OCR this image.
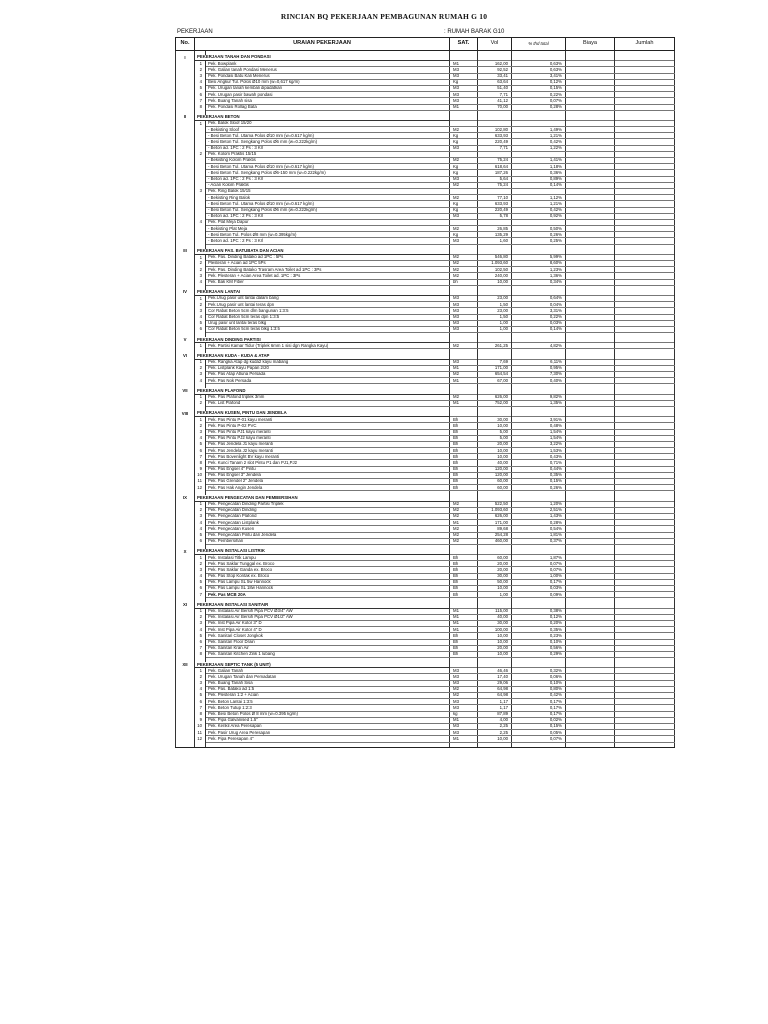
RINCIAN BQ PEKERJAAN PEMBAGUNAN RUMAH G 10
PEKERJAAN	: RUMAH BARAK G10
No.	URAIAN PEKERJAAN		SAT.	Vol	% thd total	Biaya	Jumlah

I	PEKERJAAN TANAH DAN PONDASI						
	1	Pek. Bowplank	M1	162,00	0,63%		
	2	Pek. Galian tanah Pondasi Menerus	M3	92,52	0,63%		
	3	Pek. Pondasi Batu Kali Menerus	M3	33,41	3,41%		
	4	Besi Angkur Tul. Polos Ø10 mm (w=0,617 kg/m)	Kg	63,64	0,12%		
	5	Pek. Urugan tanah kembali dipadatkan	M3	51,40	0,15%		
	6	Pek. Urugan pasir bawah pondasi	M3	7,71	0,22%		
	7	Pek. Buang Tanah sisa	M3	41,12	0,07%		
	8	Pek. Pondasi Rollag Bata	M1	70,00	0,28%		

II	PEKERJAAN BETON						
	1	Pek. Balok Sloof 15/20					
		- Bekisting Sloof	M2	102,80	1,49%		
		- Besi Beton Tul. Utama Polos Ø10 mm (w=0.617 kg/m)	Kg	633,93	1,21%		
		- Besi Beton Tul. Sengkang Polos Ø6 mm (w=0.222kg/m)	Kg	220,49	0,42%		
		- Beton ad. 1PC : 2 Ps : 3 Krl	M3	7,71	1,22%		
	2	Pek. Kolom Praktis 15/15					
		- Bekisting Kolom Praktis	M2	75,24	1,41%		
		- Besi Beton Tul. Utama Polos Ø10 mm (w=0.617 kg/m)	Kg	618,64	1,18%		
		- Besi Beton Tul. Sengkang Polos Ø6-150 mm (w=0.222kg/m)	Kg	187,26	0,36%		
		- Beton ad. 1PC : 2 Ps : 3 Krl	M3	5,64	0,89%		
		- Acian Kolom Praktis	M2	75,24	0,14%		
	3	Pek. Ring Balok 15/15					
		- Bekisting Ring Balok	M2	77,10	1,12%		
		- Besi Beton Tul. Utama Polos Ø10 mm (w=0.617 kg/m)	Kg	633,93	1,21%		
		- Besi Beton Tul. Sengkang Polos Ø6 mm (w=0.222kg/m)	Kg	220,49	0,42%		
		- Beton ad. 1PC : 2 Ps : 3 Krl	M3	5,78	0,92%		
	4	Pek. Plat Meja Dapur					
		- Bekisting Plat Meja	M2	26,85	0,50%		
		- Besi Beton Tul. Polos Ø8 mm (w=0.395kg/m)	Kg	135,29	0,26%		
		- Beton ad. 1PC : 2 Ps : 3 Krl	M3	1,60	0,25%		

III	PEKERJAAN PAS. BATUBATA DAN ACIAN						
	1	Pek. Pas. Dinding Batako ad 1PC : 5Ps	M2	546,80	5,99%		
	2	Plesteran + Acian ad 1PC 5Ps	M2	1.093,60	8,60%		
	2	Pek. Pas. Dinding Batako Trasram Area Toilet ad 1PC : 3Ps	M2	102,50	1,23%		
	3	Pek. Plesteran + Acian Area Toilet ad. 1PC : 3Ps	M2	240,00	1,36%		
	4	Pek. Bak KM Fiber	bh	10,00	0,34%		

IV	PEKERJAAN LANTAI						
	1	Pek.Urug pasir unt lantai dalam bang	M3	23,00	0,64%		
	2	Pek.Urug pasir unt lantai teras dpn	M3	1,50	0,04%		
	3	Cor Rabat Beton 5cm dlm bangunan 1:3:5	M3	23,00	3,31%		
	4	Cor Rabat Beton 5cm teras dpn 1:3:5	M3	1,50	0,22%		
	5	Urug pasir unt lantai teras blkg	M3	1,00	0,03%		
	6	Cor Rabat Beton 5cm teras blkg 1:3:5	M3	1,00	0,14%		

V	PEKERJAAN DINDING PARTISI						
	1	Pek. Partisi Kamar Tidur (Triplek 6mm 1 sisi dgn Rangka Kayu)	M2	261,25	4,82%		

VI	PEKERJAAN KUDA - KUDA & ATAP						
	1	Pek. Rangka Atap dg kuda2 kayu mabang	M3	7,69	6,11%		
	2	Pek. Listplank Kayu Papan 2/20	M1	171,00	0,95%		
	3	Pek. Pas Atap Atluna Persada	M2	654,54	7,30%		
	4	Pek. Pas Nok Persada	M1	67,00	0,40%		

VII	PEKERJAAN PLAFOND						
	1	Pek. Pas Plafond triplek 3mm	M2	626,00	9,82%		
	2	Pek. List Plafond	M1	752,00	1,35%		

VIII	PEKERJAAN KUSEN, PINTU DAN JENDELA						
	1	Pek. Pas Pintu P-01 kayu meranti	Bh	30,00	3,91%		
	2	Pek. Pas Pintu P-02 PVC	Bh	10,00	0,48%		
	3	Pek. Pas Pintu PJ1 kayu meranti	Bh	5,00	1,54%		
	4	Pek. Pas Pintu PJ2 kayu meranti	Bh	5,00	1,54%		
	5	Pek. Pas Jendela J1 kayu meranti	Bh	20,00	3,22%		
	6	Pek. Pas Jendela J2 kayu meranti	Bh	10,00	1,53%		
	7	Pek. Pas Bovenlight BV kayu meranti	Bh	10,00	0,43%		
	8	Pek. Kunci Tanam 2 slot Pintu P1 dan PJ1,PJ2	Bh	40,00	0,71%		
	9	Pek. Pas Engsel 4" Pintu	Bh	120,00	0,44%		
	10	Pek. Pas Engsel 3" Jendela	Bh	120,00	0,35%		
	11	Pek. Pas Grendel 2" Jendela	Bh	60,00	0,15%		
	12	Pek. Pas Hak Angin Jendela	Bh	60,00	0,26%		

IX	PEKERJAAN PENGECATAN DAN PEMBERSIHAN						
	1	Pek. Pengecatan Dinding Partisi Triplek	M2	522,50	1,20%		
	2	Pek. Pengecatan Dinding	M2	1.093,60	2,51%		
	3	Pek. Pengecatan Plafond	M2	626,00	1,43%		
	4	Pek. Pengecatan Listplank	M1	171,00	0,28%		
	4	Pek. Pengecatan Kusen	M2	89,68	0,54%		
	5	Pek. Pengecatan Pintu dan Jendela	M2	254,28	1,81%		
	6	Pek. Pembersihan	M2	460,00	0,37%		

X	PEKERJAAN INSTALASI LISTRIK						
	1	Pek. Instalasi Titk Lampu	Bh	60,00	1,87%		
	2	Pek. Pas Saklar Tunggal ex. Broco	Bh	20,00	0,07%		
	3	Pek. Pas Saklar Ganda ex. Broco	Bh	20,00	0,07%		
	4	Pek. Pas Stop Kontak ex. Broco	Bh	30,00	1,00%		
	5	Pek. Pas Lampu SL 5w Hannock	Bh	50,00	0,17%		
	6	Pek. Pas Lampu SL 18w Hannock	Bh	10,00	0,03%		
	7	Pek. Pas MCB 20A	Bh	1,00	0,09%		

XI	PEKERJAAN INSTALASI SANITAIR						
	1	Pek. Instalasi Air Bersih Pipa PCV Ø3/4" AW	M1	115,00	0,38%		
	2	Pek. Instalasi Air Bersih Pipa PCV Ø1/2" AW	M1	40,00	0,12%		
	3	Pek. Inst Pipa Air Kotor 3" D	M1	30,00	0,20%		
	4	Pek. Inst Pipa Air Kotor 4" D	M1	100,00	0,35%		
	5	Pek. Sanitari Closet Jongkok	Bh	10,00	0,23%		
	6	Pek. Sanitari Floor Drain	Bh	10,00	0,10%		
	7	Pek. Sanitari Kran Air	Bh	20,00	0,56%		
	8	Pek. Sanitari Kitchen Zink 1 lubang	Bh	10,00	0,29%		

XII	PEKERJAAN SEPTIC TANK (5 UNIT)						
	1	Pek. Galian Tanah	M3	46,46	0,32%		
	2	Pek. Urugan Tanah dan Pemadatan	M3	17,40	0,06%		
	3	Pek. Buang Tanah Sisa	M3	29,06	0,10%		
	4	Pek. Pas. Batako ad 1:5	M2	64,98	0,80%		
	5	Pek. Plesteran 1:2 + Acian	M2	64,98	0,42%		
	6	Pek. Beton Lantai 1:3:5	M3	1,17	0,17%		
	7	Pek. Beton Tutup 1:2:3	M3	1,17	0,17%		
	8	Pek. Besi Beton Polos Ø 8 mm (w=0.395 kg/m)	kg	87,89	0,17%		
	9	Pek. Pipa Galvanised 1.5"	M1	4,00	0,02%		
	10	Pek. Kerikil Area Peresapan	M3	2,25	0,15%		
	11	Pek. Pasir Urug Area Peresapan	M3	2,25	0,05%		
	12	Pek. Pipa Peresapan 4"	M1	10,00	0,07%		
